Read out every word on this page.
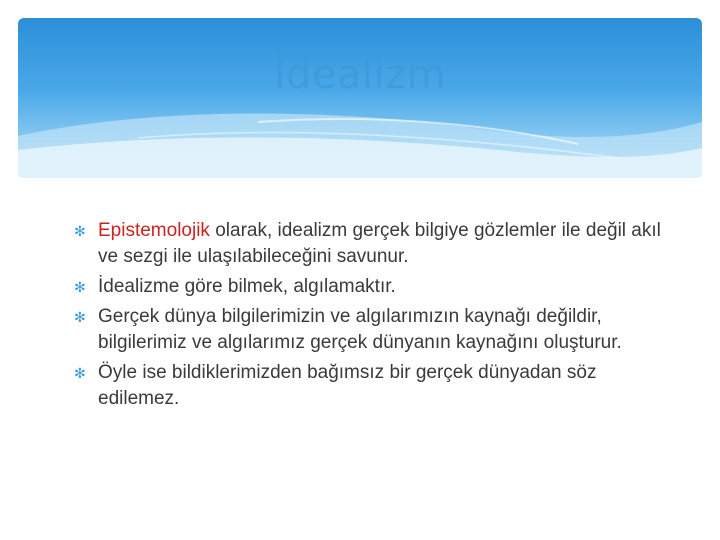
İdealizm
✻ Epistemolojik olarak, idealizm gerçek bilgiye gözlemler ile değil akıl ve sezgi ile ulaşılabileceğini savunur.
✻ İdealizme göre bilmek, algılamaktır.
✻ Gerçek dünya bilgilerimizin ve algılarımızın kaynağı değildir, bilgilerimiz ve algılarımız gerçek dünyanın kaynağını oluşturur.
✻ Öyle ise bildiklerimizden bağımsız bir gerçek dünyadan söz edilemez.
